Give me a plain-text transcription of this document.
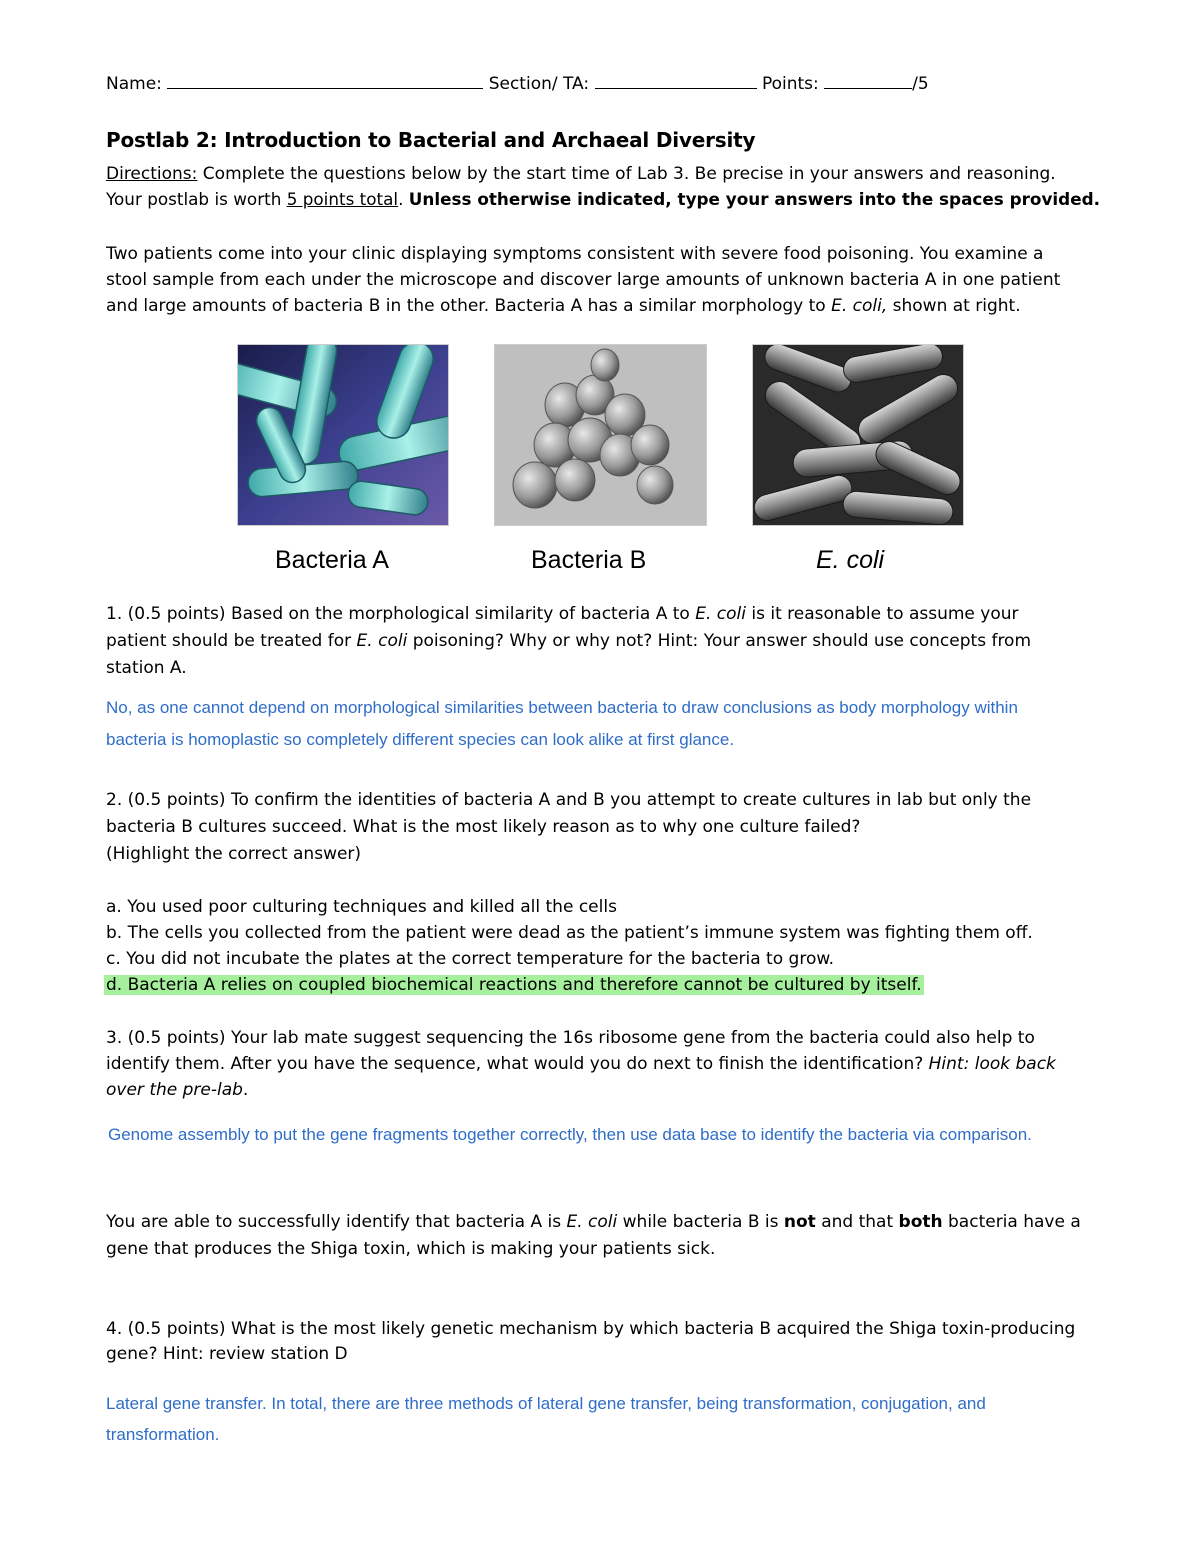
Name:	Section/ TA:	Points:	/5
Postlab 2: Introduction to Bacterial and Archaeal Diversity
Directions: Complete the questions below by the start time of Lab 3. Be precise in your answers and reasoning.
Your postlab is worth 5 points total. Unless otherwise indicated, type your answers into the spaces provided.
Two patients come into your clinic displaying symptoms consistent with severe food poisoning. You examine a
stool sample from each under the microscope and discover large amounts of unknown bacteria A in one patient
and large amounts of bacteria B in the other. Bacteria A has a similar morphology to E. coli, shown at right.
Bacteria A	Bacteria B	E. coli
1. (0.5 points) Based on the morphological similarity of bacteria A to E. coli is it reasonable to assume your
patient should be treated for E. coli poisoning? Why or why not? Hint: Your answer should use concepts from
station A.
No, as one cannot depend on morphological similarities between bacteria to draw conclusions as body morphology within
bacteria is homoplastic so completely different species can look alike at first glance.
2. (0.5 points) To confirm the identities of bacteria A and B you attempt to create cultures in lab but only the
bacteria B cultures succeed. What is the most likely reason as to why one culture failed?
(Highlight the correct answer)
a. You used poor culturing techniques and killed all the cells
b. The cells you collected from the patient were dead as the patient’s immune system was fighting them off.
c. You did not incubate the plates at the correct temperature for the bacteria to grow.
d. Bacteria A relies on coupled biochemical reactions and therefore cannot be cultured by itself.
3. (0.5 points) Your lab mate suggest sequencing the 16s ribosome gene from the bacteria could also help to
identify them. After you have the sequence, what would you do next to finish the identification? Hint: look back
over the pre-lab.
Genome assembly to put the gene fragments together correctly, then use data base to identify the bacteria via comparison.
You are able to successfully identify that bacteria A is E. coli while bacteria B is not and that both bacteria have a
gene that produces the Shiga toxin, which is making your patients sick.
4. (0.5 points) What is the most likely genetic mechanism by which bacteria B acquired the Shiga toxin-producing
gene? Hint: review station D
Lateral gene transfer. In total, there are three methods of lateral gene transfer, being transformation, conjugation, and
transformation.
